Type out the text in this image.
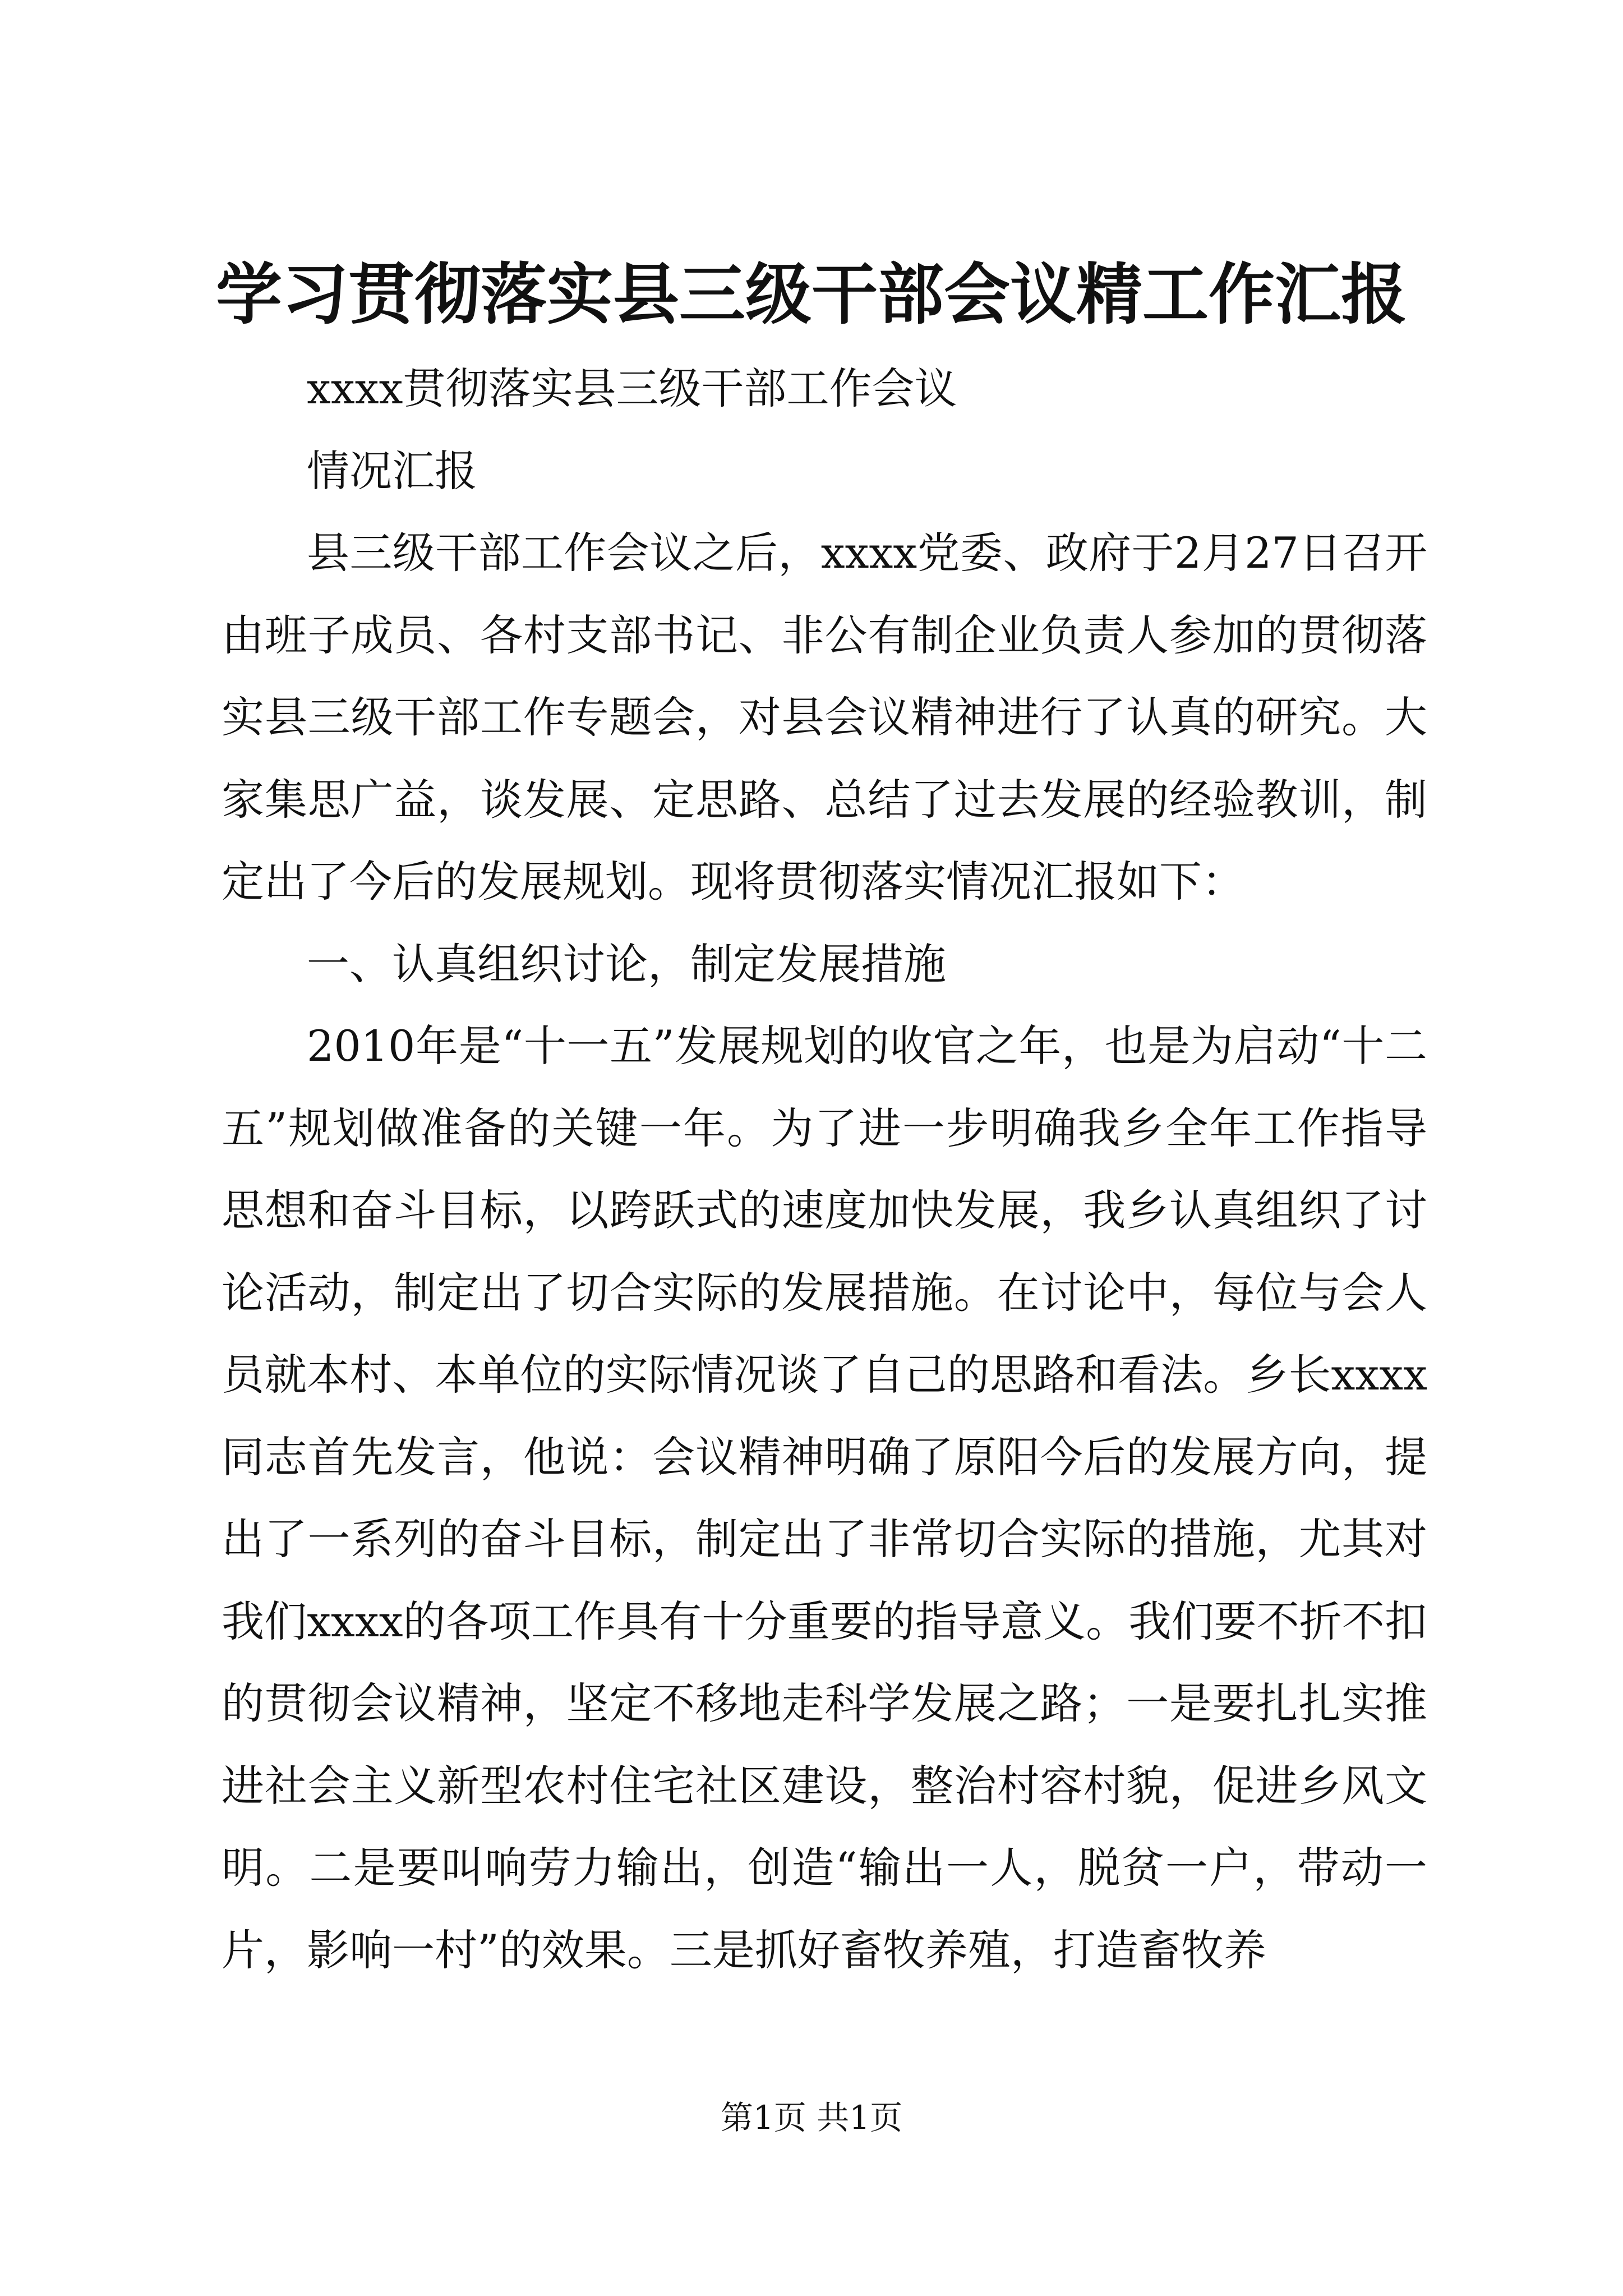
学习贯彻落实县三级干部会议精工作汇报

xxxx贯彻落实县三级干部工作会议

情况汇报

县三级干部工作会议之后，xxxx党委、政府于2月27日召开由班子成员、各村支部书记、非公有制企业负责人参加的贯彻落实县三级干部工作专题会，对县会议精神进行了认真的研究。大家集思广益，谈发展、定思路、总结了过去发展的经验教训，制定出了今后的发展规划。现将贯彻落实情况汇报如下：

一、认真组织讨论，制定发展措施

2010年是“十一五”发展规划的收官之年，也是为启动“十二五”规划做准备的关键一年。为了进一步明确我乡全年工作指导思想和奋斗目标，以跨跃式的速度加快发展，我乡认真组织了讨论活动，制定出了切合实际的发展措施。在讨论中，每位与会人员就本村、本单位的实际情况谈了自己的思路和看法。乡长xxxx同志首先发言，他说：会议精神明确了原阳今后的发展方向，提出了一系列的奋斗目标，制定出了非常切合实际的措施，尤其对我们xxxx的各项工作具有十分重要的指导意义。我们要不折不扣的贯彻会议精神，坚定不移地走科学发展之路；一是要扎扎实推进社会主义新型农村住宅社区建设，整治村容村貌，促进乡风文明。二是要叫响劳力输出，创造“输出一人，脱贫一户，带动一片，影响一村”的效果。三是抓好畜牧养殖，打造畜牧养

第1页 共1页
